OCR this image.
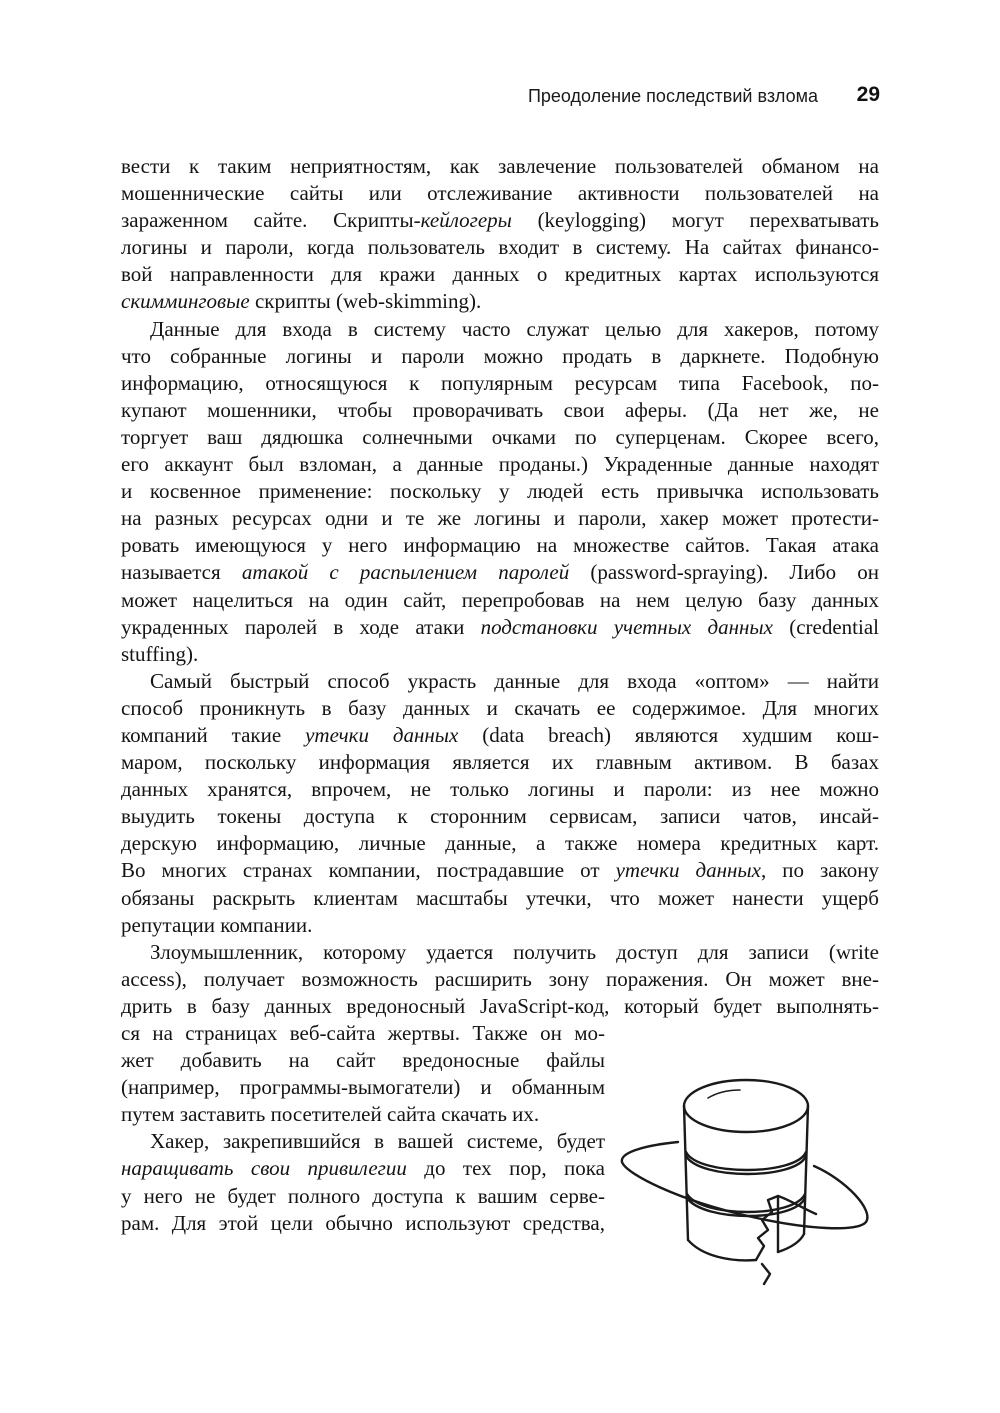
Преодоление последствий взлома 29

вести к таким неприятностям, как завлечение пользователей обманом на
мошеннические сайты или отслеживание активности пользователей на
зараженном сайте. Скрипты-кейлогеры (keylogging) могут перехватывать
логины и пароли, когда пользователь входит в систему. На сайтах финансо-
вой направленности для кражи данных о кредитных картах используются
скимминговые скрипты (web-skimming).

Данные для входа в систему часто служат целью для хакеров, потому
что собранные логины и пароли можно продать в даркнете. Подобную
информацию, относящуюся к популярным ресурсам типа Facebook, по-
купают мошенники, чтобы проворачивать свои аферы. (Да нет же, не
торгует ваш дядюшка солнечными очками по суперценам. Скорее всего,
его аккаунт был взломан, а данные проданы.) Украденные данные находят
и косвенное применение: поскольку у людей есть привычка использовать
на разных ресурсах одни и те же логины и пароли, хакер может протести-
ровать имеющуюся у него информацию на множестве сайтов. Такая атака
называется атакой с распылением паролей (password-spraying). Либо он
может нацелиться на один сайт, перепробовав на нем целую базу данных
украденных паролей в ходе атаки подстановки учетных данных (credential
stuffing).

Самый быстрый способ украсть данные для входа «оптом» — найти
способ проникнуть в базу данных и скачать ее содержимое. Для многих
компаний такие утечки данных (data breach) являются худшим кош-
маром, поскольку информация является их главным активом. В базах
данных хранятся, впрочем, не только логины и пароли: из нее можно
выудить токены доступа к сторонним сервисам, записи чатов, инсай-
дерскую информацию, личные данные, а также номера кредитных карт.
Во многих странах компании, пострадавшие от утечки данных, по закону
обязаны раскрыть клиентам масштабы утечки, что может нанести ущерб
репутации компании.

Злоумышленник, которому удается получить доступ для записи (write
access), получает возможность расширить зону поражения. Он может вне-
дрить в базу данных вредоносный JavaScript-код, который будет выполнять-
ся на страницах веб-сайта жертвы. Также он мо-
жет добавить на сайт вредоносные файлы
(например, программы-вымогатели) и обманным
путем заставить посетителей сайта скачать их.

Хакер, закрепившийся в вашей системе, будет
наращивать свои привилегии до тех пор, пока
у него не будет полного доступа к вашим серве-
рам. Для этой цели обычно используют средства,
